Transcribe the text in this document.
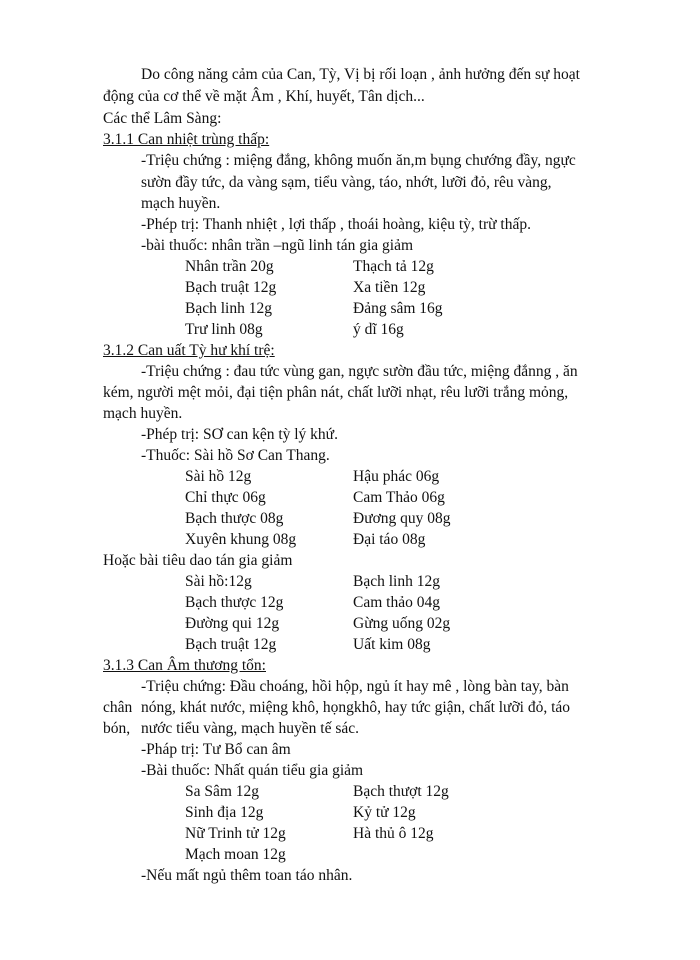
Do công năng cảm của Can, Tỳ, Vị bị rối loạn , ảnh hưởng đến sự hoạt
động của cơ thể về mặt Âm , Khí, huyết, Tân dịch...
Các thể Lâm Sàng:
3.1.1 Can nhiệt trùng thấp:
-Triệu chứng : miệng đắng, không muốn ăn,m bụng chướng đầy, ngực
sườn đầy tức, da vàng sạm, tiểu vàng, táo, nhớt, lưỡi đỏ, rêu vàng,
mạch huyền.
-Phép trị: Thanh nhiệt , lợi thấp , thoái hoàng, kiệu tỳ, trừ thấp.
-bài thuốc: nhân trần –ngũ linh tán gia giảm
Nhân trần 20g	Thạch tả 12g
Bạch truật 12g	Xa tiền 12g
Bạch linh 12g	Đảng sâm 16g
Trư linh 08g	ý dĩ 16g
3.1.2 Can uất Tỳ hư khí trệ:
-Triệu chứng : đau tức vùng gan, ngực sườn đầu tức, miệng đắnng , ăn
kém, người mệt mỏi, đại tiện phân nát, chất lưỡi nhạt, rêu lưỡi trắng mỏng,
mạch huyền.
-Phép trị: SƠ can kện tỳ lý khứ.
-Thuốc: Sài hồ Sơ Can Thang.
Sài hồ 12g	Hậu phác 06g
Chỉ thực 06g	Cam Thảo 06g
Bạch thược 08g	Đương quy 08g
Xuyên khung 08g	Đại táo 08g
Hoặc bài tiêu dao tán gia giảm
Sài hồ:12g	Bạch linh 12g
Bạch thược 12g	Cam thảo 04g
Đường qui 12g	Gừng uống 02g
Bạch truật 12g	Uất kim 08g
3.1.3 Can Âm thương tổn:
-Triệu chứng: Đầu choáng, hồi hộp, ngủ ít hay mê , lòng bàn tay, bàn
chân nóng, khát nước, miệng khô, họngkhô, hay tức giận, chất lưỡi đỏ, táo
bón, nước tiểu vàng, mạch huyền tế sác.
-Pháp trị: Tư Bổ can âm
-Bài thuốc: Nhất quán tiểu gia giảm
Sa Sâm 12g	Bạch thượt 12g
Sinh địa 12g	Kỷ tử 12g
Nữ Trinh tử 12g	Hà thủ ô 12g
Mạch moan 12g
-Nếu mất ngủ thêm toan táo nhân.
